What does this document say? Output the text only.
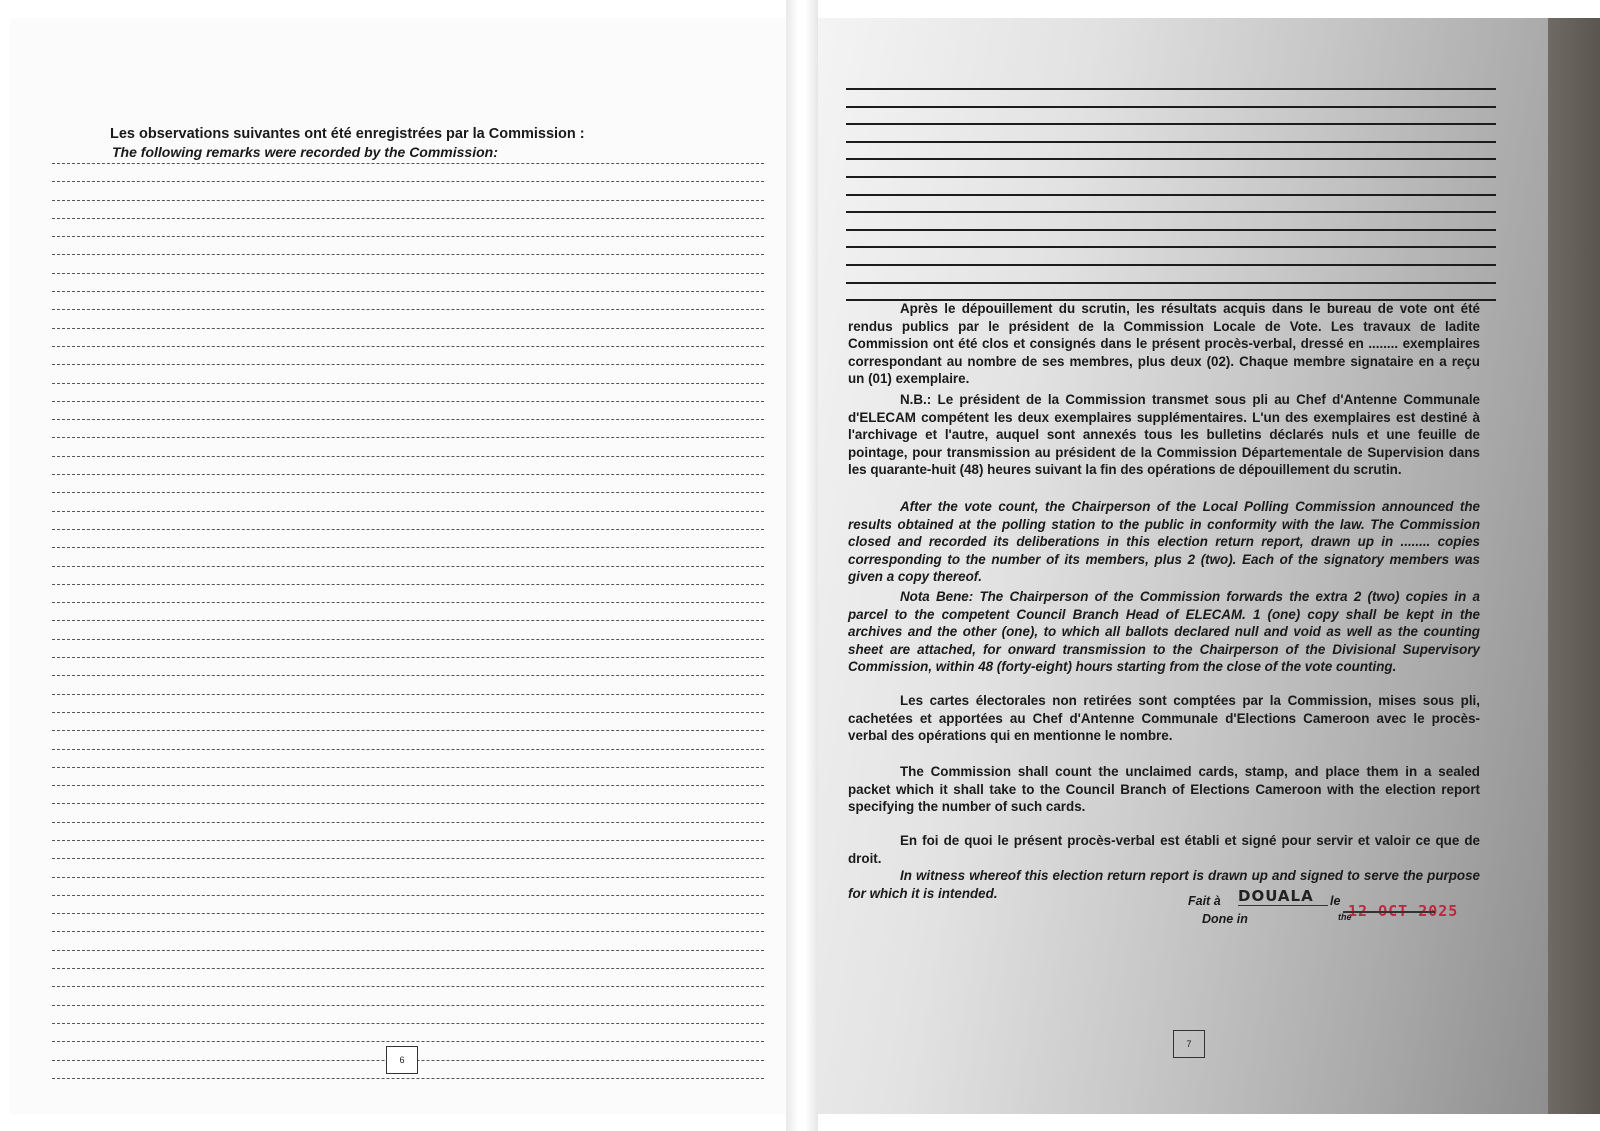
Les observations suivantes ont été enregistrées par la Commission :
The following remarks were recorded by the Commission:
6

Après le dépouillement du scrutin, les résultats acquis dans le bureau de vote ont été rendus publics par le président de la Commission Locale de Vote. Les travaux de ladite Commission ont été clos et consignés dans le présent procès-verbal, dressé en ........ exemplaires correspondant au nombre de ses membres, plus deux (02). Chaque membre signataire en a reçu un (01) exemplaire.

N.B.: Le président de la Commission transmet sous pli au Chef d'Antenne Communale d'ELECAM compétent les deux exemplaires supplémentaires. L'un des exemplaires est destiné à l'archivage et l'autre, auquel sont annexés tous les bulletins déclarés nuls et une feuille de pointage, pour transmission au président de la Commission Départementale de Supervision dans les quarante-huit (48) heures suivant la fin des opérations de dépouillement du scrutin.

After the vote count, the Chairperson of the Local Polling Commission announced the results obtained at the polling station to the public in conformity with the law. The Commission closed and recorded its deliberations in this election return report, drawn up in ........ copies corresponding to the number of its members, plus 2 (two). Each of the signatory members was given a copy thereof.

Nota Bene: The Chairperson of the Commission forwards the extra 2 (two) copies in a parcel to the competent Council Branch Head of ELECAM. 1 (one) copy shall be kept in the archives and the other (one), to which all ballots declared null and void as well as the counting sheet are attached, for onward transmission to the Chairperson of the Divisional Supervisory Commission, within 48 (forty-eight) hours starting from the close of the vote counting.

Les cartes électorales non retirées sont comptées par la Commission, mises sous pli, cachetées et apportées au Chef d'Antenne Communale d'Elections Cameroon avec le procès-verbal des opérations qui en mentionne le nombre.

The Commission shall count the unclaimed cards, stamp, and place them in a sealed packet which it shall take to the Council Branch of Elections Cameroon with the election report specifying the number of such cards.

En foi de quoi le présent procès-verbal est établi et signé pour servir et valoir ce que de droit.
In witness whereof this election return report is drawn up and signed to serve the purpose for which it is intended.

Fait à DOUALA	le
Done in	the
12 OCT 2025
7
